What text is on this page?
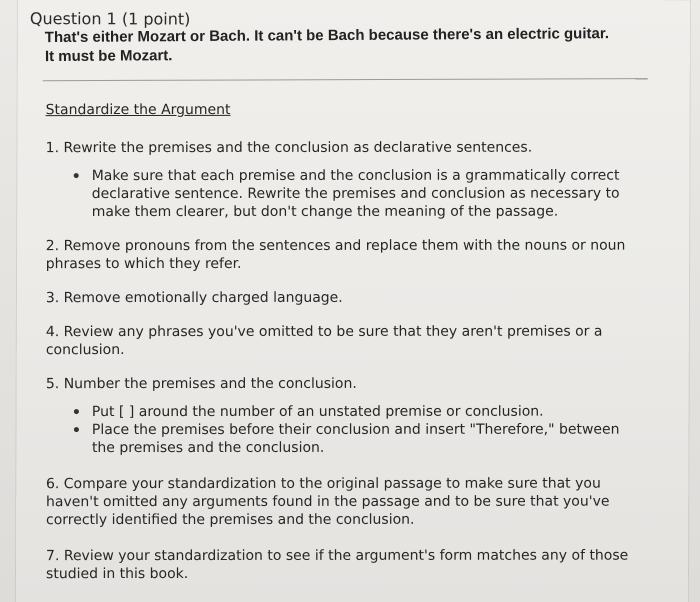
Question 1 (1 point)
That's either Mozart or Bach. It can't be Bach because there's an electric guitar. It must be Mozart.
Standardize the Argument
1. Rewrite the premises and the conclusion as declarative sentences.
Make sure that each premise and the conclusion is a grammatically correct declarative sentence. Rewrite the premises and conclusion as necessary to make them clearer, but don't change the meaning of the passage.
2. Remove pronouns from the sentences and replace them with the nouns or noun phrases to which they refer.
3. Remove emotionally charged language.
4. Review any phrases you've omitted to be sure that they aren't premises or a conclusion.
5. Number the premises and the conclusion.
Put [ ] around the number of an unstated premise or conclusion.
Place the premises before their conclusion and insert "Therefore," between the premises and the conclusion.
6. Compare your standardization to the original passage to make sure that you haven't omitted any arguments found in the passage and to be sure that you've correctly identified the premises and the conclusion.
7. Review your standardization to see if the argument's form matches any of those studied in this book.
